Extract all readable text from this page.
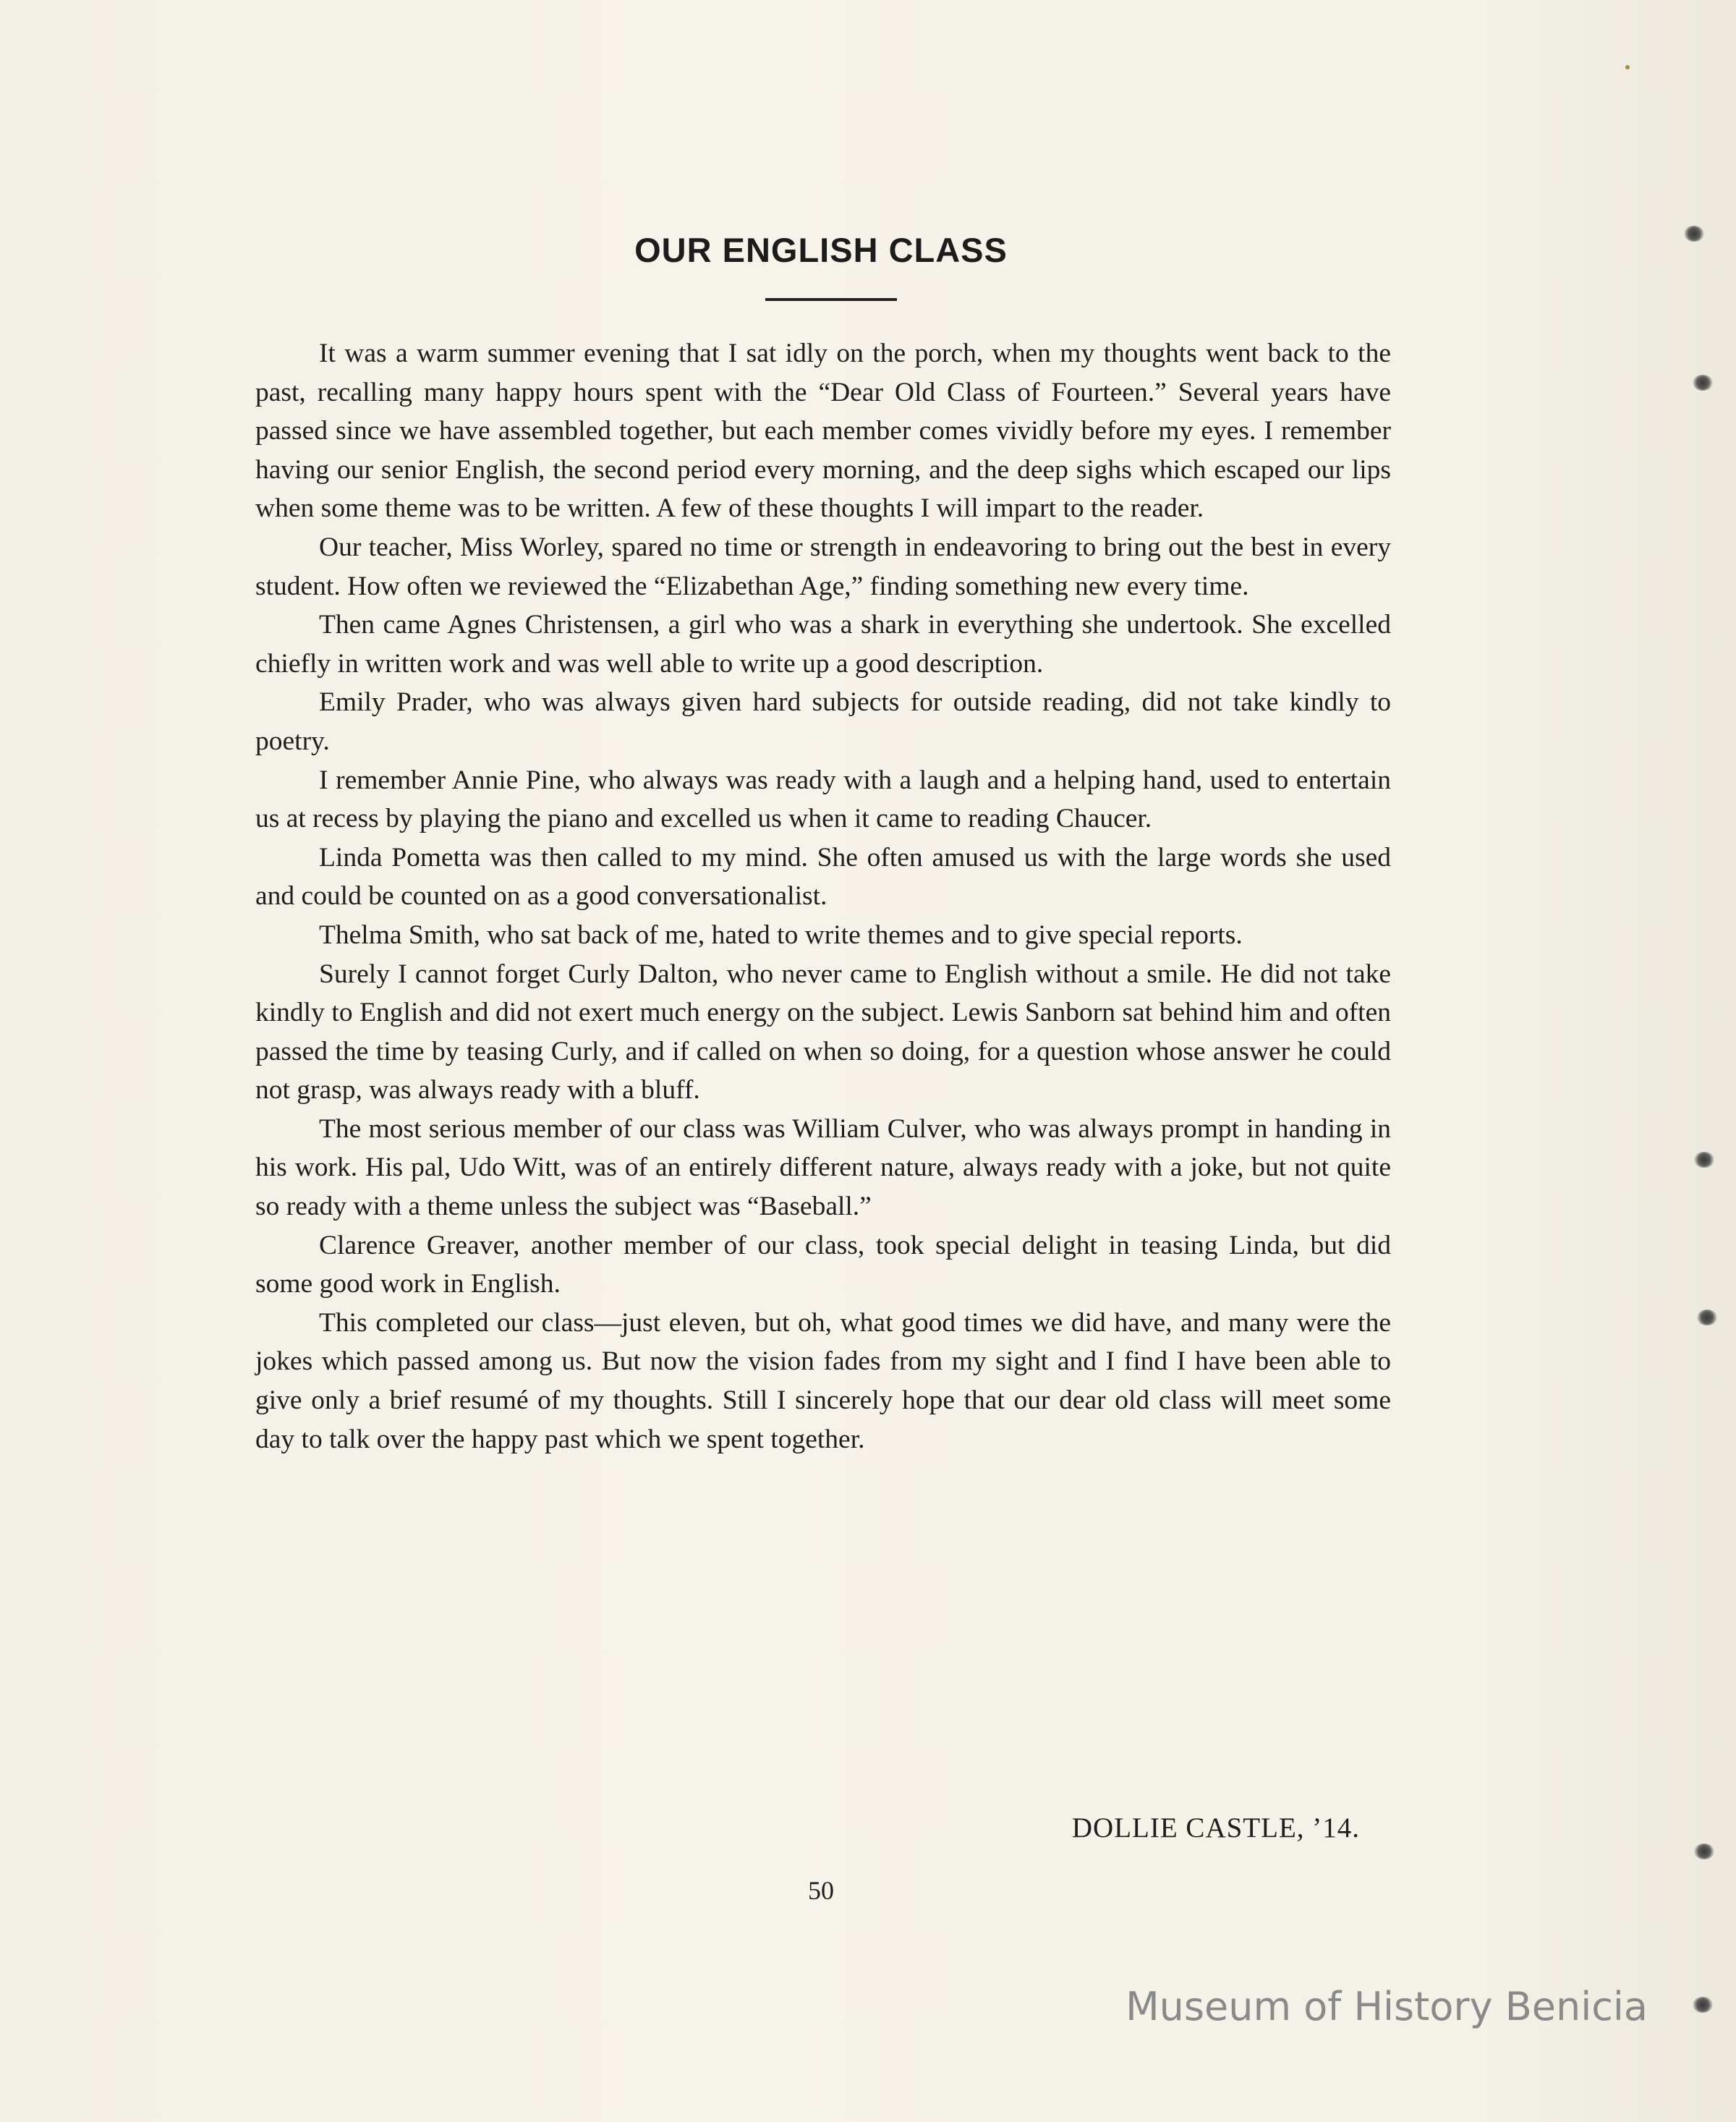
OUR ENGLISH CLASS

It was a warm summer evening that I sat idly on the porch, when my thoughts went back to the past, recalling many happy hours spent with the “Dear Old Class of Fourteen.” Several years have passed since we have assembled together, but each member comes vividly before my eyes. I remember having our senior English, the second period every morning, and the deep sighs which escaped our lips when some theme was to be written. A few of these thoughts I will impart to the reader.

Our teacher, Miss Worley, spared no time or strength in endeavoring to bring out the best in every student. How often we reviewed the “Elizabethan Age,” finding something new every time.

Then came Agnes Christensen, a girl who was a shark in everything she undertook. She excelled chiefly in written work and was well able to write up a good description.

Emily Prader, who was always given hard subjects for outside reading, did not take kindly to poetry.

I remember Annie Pine, who always was ready with a laugh and a helping hand, used to entertain us at recess by playing the piano and excelled us when it came to reading Chaucer.

Linda Pometta was then called to my mind. She often amused us with the large words she used and could be counted on as a good conversationalist.

Thelma Smith, who sat back of me, hated to write themes and to give special reports.

Surely I cannot forget Curly Dalton, who never came to English without a smile. He did not take kindly to English and did not exert much energy on the subject. Lewis Sanborn sat behind him and often passed the time by teasing Curly, and if called on when so doing, for a question whose answer he could not grasp, was always ready with a bluff.

The most serious member of our class was William Culver, who was always prompt in handing in his work. His pal, Udo Witt, was of an entirely different nature, always ready with a joke, but not quite so ready with a theme unless the subject was “Baseball.”

Clarence Greaver, another member of our class, took special delight in teasing Linda, but did some good work in English.

This completed our class—just eleven, but oh, what good times we did have, and many were the jokes which passed among us. But now the vision fades from my sight and I find I have been able to give only a brief resumé of my thoughts. Still I sincerely hope that our dear old class will meet some day to talk over the happy past which we spent together.

DOLLIE CASTLE, ’14.
50
Museum of History Benicia
